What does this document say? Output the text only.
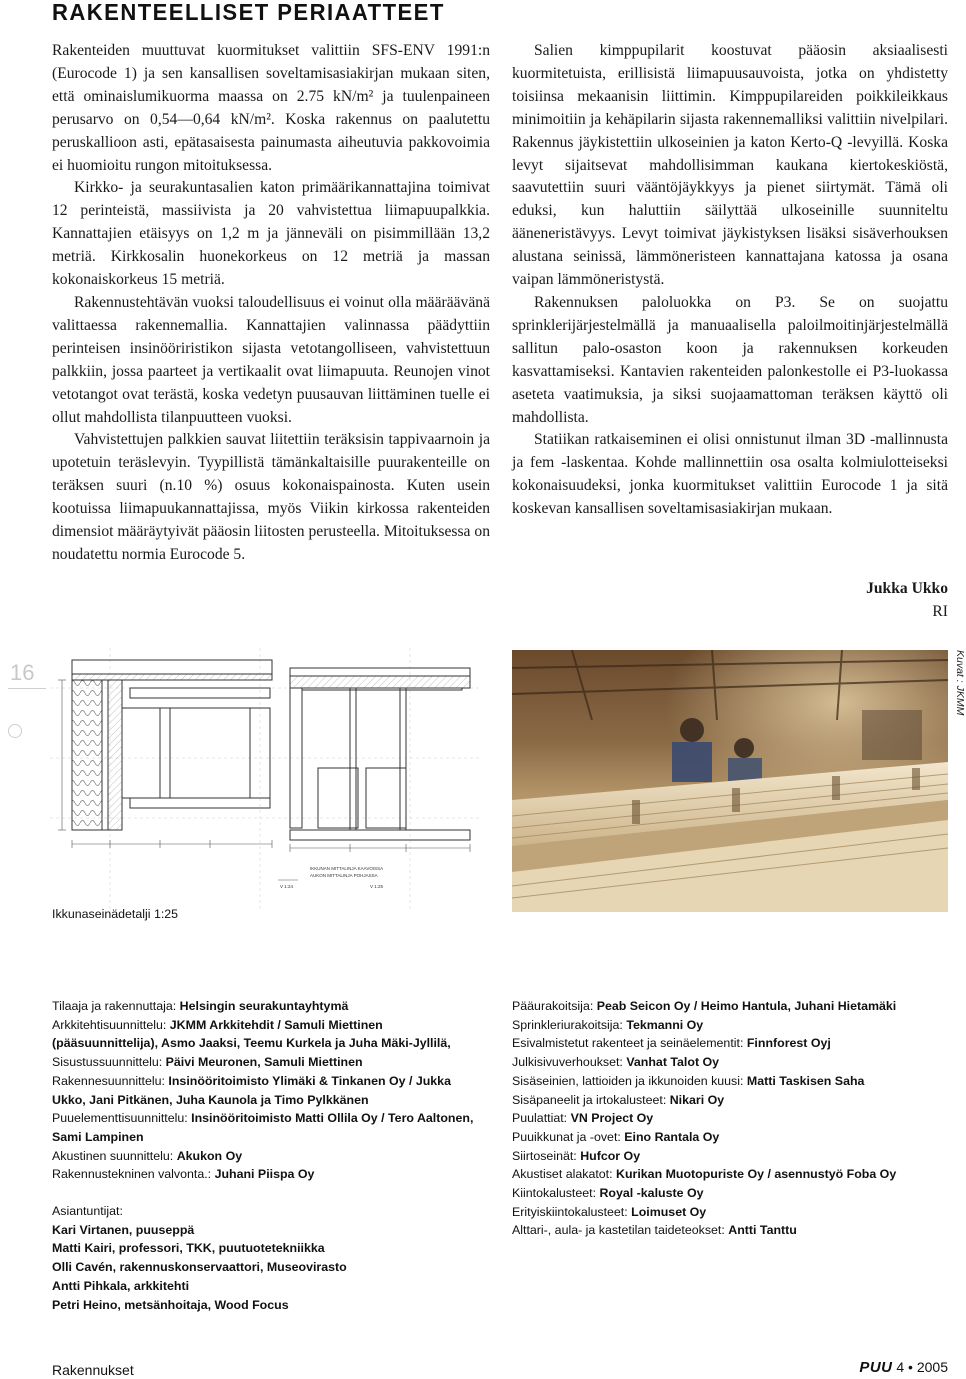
RAKENTEELLISET PERIAATTEET

Rakenteiden muuttuvat kuormitukset valittiin SFS-ENV 1991:n (Eurocode 1) ja sen kansallisen soveltamisasiakirjan mukaan siten, että ominaislumikuorma maassa on 2.75 kN/m² ja tuulenpaineen perusarvo on 0,54—0,64 kN/m². Koska rakennus on paalutettu peruskallioon asti, epätasaisesta painumasta aiheutuvia pakkovoimia ei huomioitu rungon mitoituksessa.

Kirkko- ja seurakuntasalien katon primäärikannattajina toimivat 12 perinteistä, massiivista ja 20 vahvistettua liimapuupalkkia. Kannattajien etäisyys on 1,2 m ja jänneväli on pisimmillään 13,2 metriä. Kirkkosalin huonekorkeus on 12 metriä ja massan kokonaiskorkeus 15 metriä.

Rakennustehtävän vuoksi taloudellisuus ei voinut olla määräävänä valittaessa rakennemallia. Kannattajien valinnassa päädyttiin perinteisen insinööriristikon sijasta vetotangolliseen, vahvistettuun palkkiin, jossa paarteet ja vertikaalit ovat liimapuuta. Reunojen vinot vetotangot ovat terästä, koska vedetyn puusauvan liittäminen tuelle ei ollut mahdollista tilanpuutteen vuoksi.

Vahvistettujen palkkien sauvat liitettiin teräksisin tappivaarnoin ja upotetuin teräslevyin. Tyypillistä tämänkaltaisille puurakenteille on teräksen suuri (n.10 %) osuus kokonaispainosta. Kuten usein kootuissa liimapuukannattajissa, myös Viikin kirkossa rakenteiden dimensiot määräytyivät pääosin liitosten perusteella. Mitoituksessa on noudatettu normia Eurocode 5.

Salien kimppupilarit koostuvat pääosin aksiaalisesti kuormitetuista, erillisistä liimapuusauvoista, jotka on yhdistetty toisiinsa mekaanisin liittimin. Kimppupilareiden poikkileikkaus minimoitiin ja kehäpilarin sijasta rakennemalliksi valittiin nivelpilari. Rakennus jäykistettiin ulkoseinien ja katon Kerto-Q -levyillä. Koska levyt sijaitsevat mahdollisimman kaukana kiertokeskiöstä, saavutettiin suuri vääntöjäykkyys ja pienet siirtymät. Tämä oli eduksi, kun haluttiin säilyttää ulkoseinille suunniteltu ääneneristävyys. Levyt toimivat jäykistyksen lisäksi sisäverhouksen alustana seinissä, lämmöneristeen kannattajana katossa ja osana vaipan lämmöneristystä.

Rakennuksen paloluokka on P3. Se on suojattu sprinklerijärjestelmällä ja manuaalisella paloilmoitinjärjestelmällä sallitun palo-osaston koon ja rakennuksen korkeuden kasvattamiseksi. Kantavien rakenteiden palonkestolle ei P3-luokassa aseteta vaatimuksia, ja siksi suojaamattoman teräksen käyttö oli mahdollista.

Statiikan ratkaiseminen ei olisi onnistunut ilman 3D -mallinnusta ja fem -laskentaa. Kohde mallinnettiin osa osalta kolmiulotteiseksi kokonaisuudeksi, jonka kuormitukset valittiin Eurocode 1 ja sitä koskevan kansallisen soveltamisasiakirjan mukaan.

Jukka Ukko
RI
16
IKKUNAN MITTALINJA KAAVOISSA
AUKON MITTALINJA POHJASSA
V 1:24	V 1:25
Ikkunaseinädetalji 1:25
Kuvat : JKMM
Tilaaja ja rakennuttaja: Helsingin seurakuntayhtymä
Arkkitehtisuunnittelu: JKMM Arkkitehdit / Samuli Miettinen (pääsuunnittelija), Asmo Jaaksi, Teemu Kurkela ja Juha Mäki-Jyllilä,
Sisustussuunnittelu: Päivi Meuronen, Samuli Miettinen
Rakennesuunnittelu: Insinööritoimisto Ylimäki & Tinkanen Oy / Jukka Ukko, Jani Pitkänen, Juha Kaunola ja Timo Pylkkänen
Puuelementtisuunnittelu: Insinööritoimisto Matti Ollila Oy / Tero Aaltonen, Sami Lampinen
Akustinen suunnittelu: Akukon Oy
Rakennustekninen valvonta.: Juhani Piispa Oy
Asiantuntijat:
Kari Virtanen, puuseppä
Matti Kairi, professori, TKK, puutuotetekniikka
Olli Cavén, rakennuskonservaattori, Museovirasto
Antti Pihkala, arkkitehti
Petri Heino, metsänhoitaja, Wood Focus
Pääurakoitsija: Peab Seicon Oy / Heimo Hantula, Juhani Hietamäki
Sprinkleriurakoitsija: Tekmanni Oy
Esivalmistetut rakenteet ja seinäelementit: Finnforest Oyj
Julkisivuverhoukset: Vanhat Talot Oy
Sisäseinien, lattioiden ja ikkunoiden kuusi: Matti Taskisen Saha
Sisäpaneelit ja irtokalusteet: Nikari Oy
Puulattiat: VN Project Oy
Puuikkunat ja -ovet: Eino Rantala Oy
Siirtoseinät: Hufcor Oy
Akustiset alakatot: Kurikan Muotopuriste Oy / asennustyö Foba Oy
Kiintokalusteet: Royal -kaluste Oy
Erityiskiintokalusteet: Loimuset Oy
Alttari-, aula- ja kastetilan taideteokset: Antti Tanttu
Rakennukset	PUU 4 • 2005
